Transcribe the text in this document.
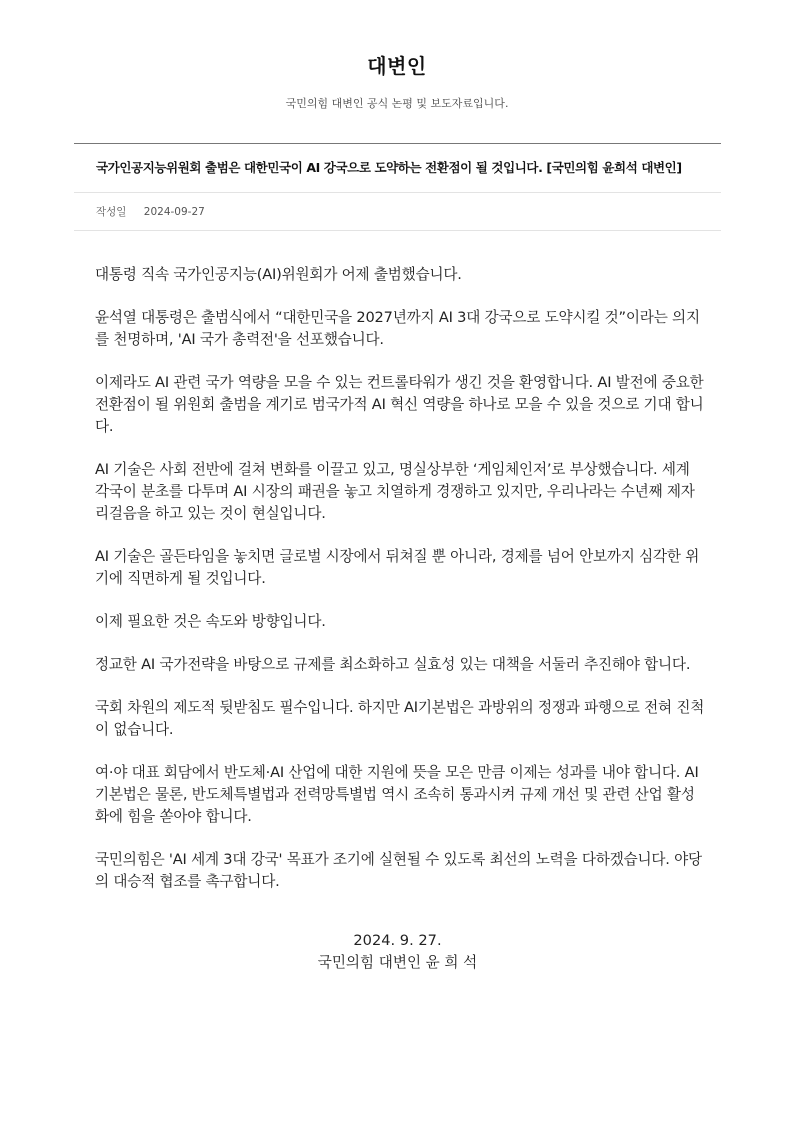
대변인
국민의힘 대변인 공식 논평 및 보도자료입니다.
국가인공지능위원회 출범은 대한민국이 AI 강국으로 도약하는 전환점이 될 것입니다. [국민의힘 윤희석 대변인]
작성일 2024-09-27

대통령 직속 국가인공지능(AI)위원회가 어제 출범했습니다.

윤석열 대통령은 출범식에서 “대한민국을 2027년까지 AI 3대 강국으로 도약시킬 것”이라는 의지를 천명하며, 'AI 국가 총력전'을 선포했습니다.

이제라도 AI 관련 국가 역량을 모을 수 있는 컨트롤타워가 생긴 것을 환영합니다. AI 발전에 중요한 전환점이 될 위원회 출범을 계기로 범국가적 AI 혁신 역량을 하나로 모을 수 있을 것으로 기대 합니다.

AI 기술은 사회 전반에 걸쳐 변화를 이끌고 있고, 명실상부한 ‘게임체인저’로 부상했습니다. 세계 각국이 분초를 다투며 AI 시장의 패권을 놓고 치열하게 경쟁하고 있지만, 우리나라는 수년째 제자리걸음을 하고 있는 것이 현실입니다.

AI 기술은 골든타임을 놓치면 글로벌 시장에서 뒤쳐질 뿐 아니라, 경제를 넘어 안보까지 심각한 위기에 직면하게 될 것입니다.

이제 필요한 것은 속도와 방향입니다.

정교한 AI 국가전략을 바탕으로 규제를 최소화하고 실효성 있는 대책을 서둘러 추진해야 합니다.

국회 차원의 제도적 뒷받침도 필수입니다. 하지만 AI기본법은 과방위의 정쟁과 파행으로 전혀 진척이 없습니다.

여·야 대표 회담에서 반도체·AI 산업에 대한 지원에 뜻을 모은 만큼 이제는 성과를 내야 합니다. AI기본법은 물론, 반도체특별법과 전력망특별법 역시 조속히 통과시켜 규제 개선 및 관련 산업 활성화에 힘을 쏟아야 합니다.

국민의힘은 'AI 세계 3대 강국' 목표가 조기에 실현될 수 있도록 최선의 노력을 다하겠습니다. 야당의 대승적 협조를 촉구합니다.

2024. 9. 27.
국민의힘 대변인 윤 희 석
